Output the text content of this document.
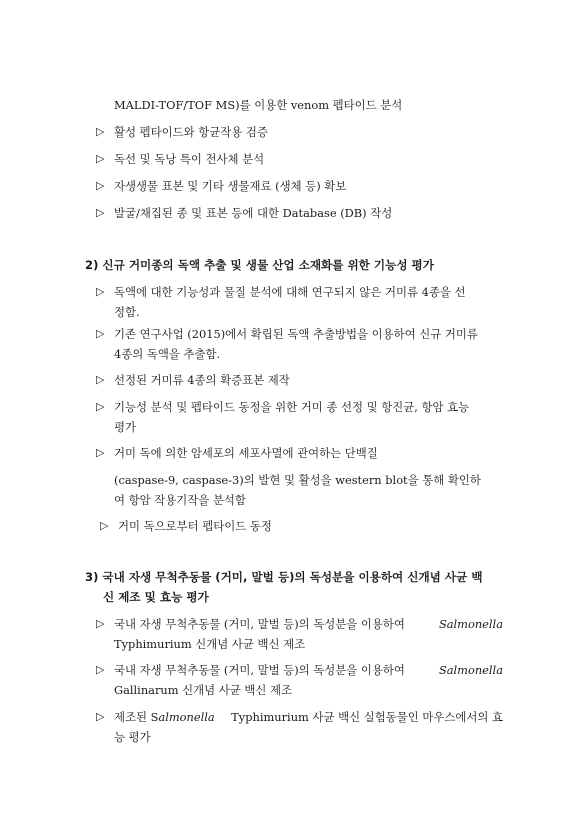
MALDI-TOF/TOF MS)를 이용한 venom 펩타이드 분석
▷ 활성 펩타이드와 항균작용 검증
▷ 독선 및 독낭 특이 전사체 분석
▷ 자생생물 표본 및 기타 생물재료 (생체 등) 확보
▷ 발굴/채집된 종 및 표본 등에 대한 Database (DB) 작성
2) 신규 거미종의 독액 추출 및 생물 산업 소재화를 위한 기능성 평가
▷ 독액에 대한 기능성과 물질 분석에 대해 연구되지 않은 거미류 4종을 선
정함.
▷ 기존 연구사업 (2015)에서 확립된 독액 추출방법을 이용하여 신규 거미류
4종의 독액을 추출함.
▷ 선정된 거미류 4종의 확증표본 제작
▷ 기능성 분석 및 펩타이드 동정을 위한 거미 종 선정 및 항진균, 항암 효능
평가
▷ 거미 독에 의한 암세포의 세포사멸에 관여하는 단백질
(caspase-9, caspase-3)의 발현 및 활성을 western blot을 통해 확인하
여 항암 작용기작을 분석함
▷ 거미 독으로부터 펩타이드 동정
3) 국내 자생 무척추동물 (거미, 말벌 등)의 독성분을 이용하여 신개념 사균 백
신 제조 및 효능 평가
▷ 국내 자생 무척추동물 (거미, 말벌 등)의 독성분을 이용하여	Salmonella
Typhimurium 신개념 사균 백신 제조
▷ 국내 자생 무척추동물 (거미, 말벌 등)의 독성분을 이용하여	Salmonella
Gallinarum 신개념 사균 백신 제조
▷ 제조된 S almonella	Typhimurium 사균 백신 실험동물인 마우스에서의 효
능 평가
